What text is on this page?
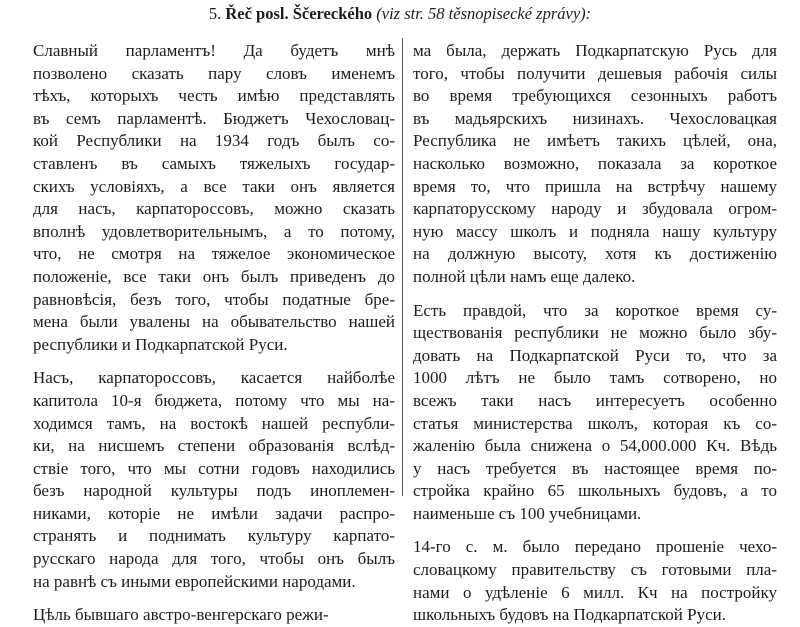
5. Řeč posl. Ščereckého (viz str. 58 těsnopisecké zprávy):
Славный парламентъ! Да будетъ мнѣ
позволено сказать пару словъ именемъ
тѣхъ, которыхъ честь имѣю представлять
въ семъ парламентѣ. Бюджетъ Чехословац-
кой Республики на 1934 годъ былъ со-
ставленъ въ самыхъ тяжелыхъ государ-
скихъ условіяхъ, а все таки онъ является
для насъ, карпатороссовъ, можно сказать
вполнѣ удовлетворительнымъ, а то потому,
что, не смотря на тяжелое экономическое
положеніе, все таки онъ былъ приведенъ до
равновѣсія, безъ того, чтобы податные бре-
мена были увалены на обывательство нашей
республики и Подкарпатской Руси.
Насъ, карпатороссовъ, касается найболѣе
капитола 10-я бюджета, потому что мы на-
ходимся тамъ, на востокѣ нашей республи-
ки, на нисшемъ степени образованія вслѣд-
ствіе того, что мы сотни годовъ находились
безъ народной культуры подъ иноплемен-
никами, которіе не имѣли задачи распро-
странять и поднимать культуру карпато-
русскаго народа для того, чтобы онъ былъ
на равнѣ съ иными европейскими народами.
Цѣль бывшаго австро-венгерскаго режи-
ма была, держать Подкарпатскую Русь для
того, чтобы получити дешевыя рабочія силы
во время требующихся сезонныхъ работъ
въ мадьярскихъ низинахъ. Чехословацкая
Республика не имѣетъ такихъ цѣлей, она,
насколько возможно, показала за короткое
время то, что пришла на встрѣчу нашему
карпаторусскому народу и збудовала огром-
ную массу школъ и подняла нашу культуру
на должную высоту, хотя къ достиженію
полной цѣли намъ еще далеко.
Есть правдой, что за короткое время су-
ществованія республики не можно было збу-
довать на Подкарпатской Руси то, что за
1000 лѣтъ не было тамъ сотворено, но
всежъ таки насъ интересуетъ особенно
статья министерства школъ, которая къ со-
жаленію была снижена о 54,000.000 Кч. Вѣдь
у насъ требуется въ настоящее время по-
стройка крайно 65 школьныхъ будовъ, а то
наименьше съ 100 учебницами.
14-го с. м. было передано прошеніе чехо-
словацкому правительству съ готовыми пла-
нами о удѣленіе 6 милл. Кч на постройку
школьныхъ будовъ на Подкарпатской Руси.
